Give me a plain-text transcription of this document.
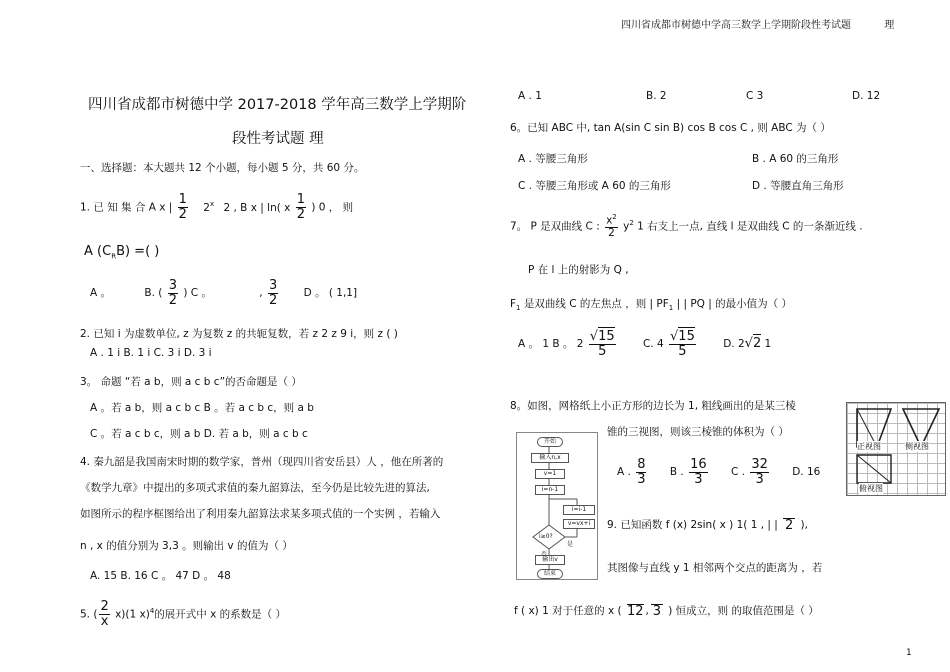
四川省成都市树德中学高三数学上学期阶段性考试题	理
四川省成都市树德中学 2017-2018 学年高三数学上学期阶
段性考试题 理
一、选择题：本大题共 12 个小题，每小题 5 分，共 60 分。
1. 已 知 集 合 A x | $\frac{1}{2} 2^x$ 2 , B x | ln( x $\frac{1}{2}$ ) 0 ， 则
A $(C_RB)$ =( )
A 。	B. ( $\frac{3}{2}$ ) C 。	, $\frac{3}{2}$ D 。 ( 1,1]
2. 已知 i 为虚数单位, z 为复数 z 的共轭复数，若 z 2 z 9 i，则 z ( )
A . 1 i B. 1 i C. 3 i D. 3 i
3。 命题 “若 a b，则 a c b c”的否命题是（ ）
A 。若 a b，则 a c b c B 。若 a c b c，则 a b
C 。若 a c b c，则 a b D. 若 a b，则 a c b c
4. 秦九韶是我国南宋时期的数学家，普州（现四川省安岳县）人 ，他在所著的
《数学九章》中提出的多项式求值的秦九韶算法，至今仍是比较先进的算法,
如图所示的程序框图给出了利用秦九韶算法求某多项式值的一个实例 ，若输入
n , x 的值分别为 3,3 。则输出 v 的值为（ ）
A. 15 B. 16 C 。 47 D 。 48
5. ( $\frac{2}{x} x)(1$ x)$^4$的展开式中 x 的系数是（ ）
A . 1	B. 2	C 3	D. 12
6。已知 ABC 中, tan A(sin C sin B) cos B cos C , 则 ABC 为（ ）
A . 等腰三角形	B . A 60 的三角形
C . 等腰三角形或 A 60 的三角形	D . 等腰直角三角形
7。 P 是双曲线 C : $\frac{x^2}{2} y^2$ 1 右支上一点, 直线 l 是双曲线 C 的一条渐近线 .
P 在 l 上的射影为 Q ,
$F_1$ 是双曲线 C 的左焦点 ，则 | $PF_1$ | | PQ | 的最小值为（ ）
A 。 1 B 。 $2 \frac{√15}{5}$	C. $4 \frac{√15}{5}$	D. 2√2 1
8。如图，网格纸上小正方形的边长为 1, 粗线画出的是某三棱
锥的三视图，则该三棱锥的体积为（ ）
A . $\frac{8}{3}$ B . $\frac{16}{3}$ C . $\frac{32}{3} D$. 16
正视图	侧视图
俯视图
开始
输入n,x
v=1
i=n-1
i=i-1
v=vx+i
i≥0?
是
输出v
结束
9. 已知函数 f (x) 2sin( x ) 1( 1 , | | 2 ),
其图像与直线 y 1 相邻两个交点的距离为 ，若
f ( x) 1 对于任意的 x ( 12 , 3 ) 恒成立，则 的取值范围是（ ）
1
